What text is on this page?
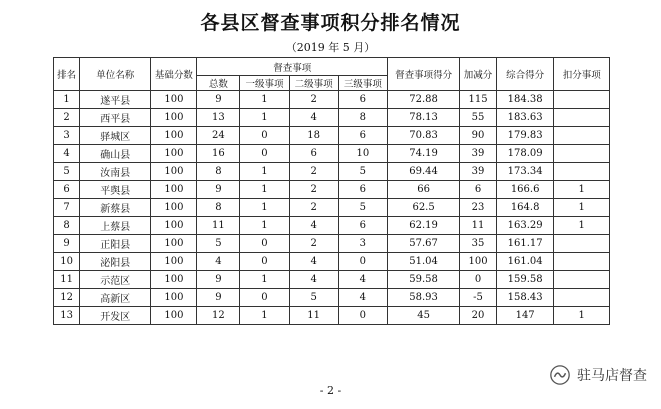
各县区督查事项积分排名情况
（2019 年 5 月）
排名	单位名称	基础分数	督查事项				督查事项得分	加减分	综合得分	扣分事项
			总数	一级事项	二级事项	三级事项				
1	遂平县	100	9	1	2	6	72.88	115	184.38	
2	西平县	100	13	1	4	8	78.13	55	183.63	
3	驿城区	100	24	0	18	6	70.83	90	179.83	
4	确山县	100	16	0	6	10	74.19	39	178.09	
5	汝南县	100	8	1	2	5	69.44	39	173.34	
6	平舆县	100	9	1	2	6	66	6	166.6	1
7	新蔡县	100	8	1	2	5	62.5	23	164.8	1
8	上蔡县	100	11	1	4	6	62.19	11	163.29	1
9	正阳县	100	5	0	2	3	57.67	35	161.17	
10	泌阳县	100	4	0	4	0	51.04	100	161.04	
11	示范区	100	9	1	4	4	59.58	0	159.58	
12	高新区	100	9	0	5	4	58.93	-5	158.43	
13	开发区	100	12	1	11	0	45	20	147	1
- 2 -
驻马店督查
